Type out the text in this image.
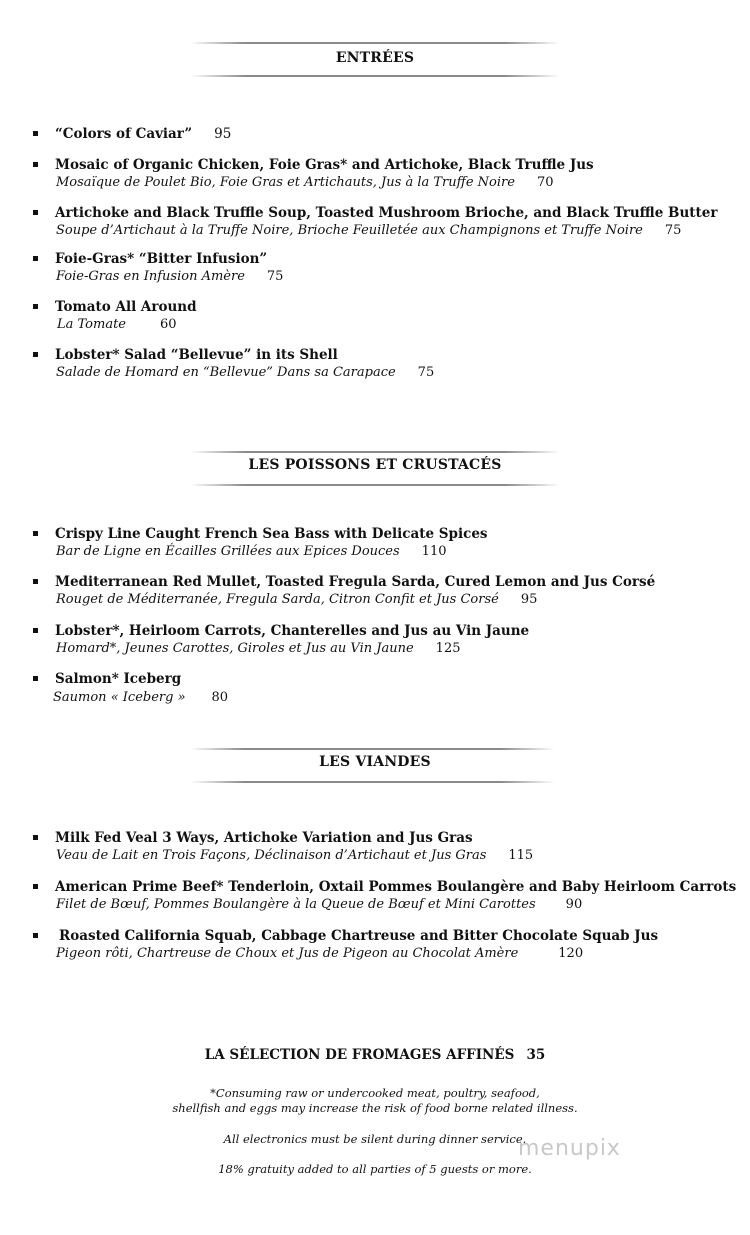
ENTRÉES
“Colors of Caviar” 95
Mosaic of Organic Chicken, Foie Gras* and Artichoke, Black Truffle Jus
Mosaïque de Poulet Bio, Foie Gras et Artichauts, Jus à la Truffe Noire 70
Artichoke and Black Truffle Soup, Toasted Mushroom Brioche, and Black Truffle Butter
Soupe d’Artichaut à la Truffe Noire, Brioche Feuilletée aux Champignons et Truffe Noire 75
Foie-Gras* “Bitter Infusion”
Foie-Gras en Infusion Amère 75
Tomato All Around
La Tomate	60
Lobster* Salad “Bellevue” in its Shell
Salade de Homard en “Bellevue” Dans sa Carapace 75
LES POISSONS ET CRUSTACÉS
Crispy Line Caught French Sea Bass with Delicate Spices
Bar de Ligne en Écailles Grillées aux Epices Douces 110
Mediterranean Red Mullet, Toasted Fregula Sarda, Cured Lemon and Jus Corsé
Rouget de Méditerranée, Fregula Sarda, Citron Confit et Jus Corsé 95
Lobster*, Heirloom Carrots, Chanterelles and Jus au Vin Jaune
Homard*, Jeunes Carottes, Giroles et Jus au Vin Jaune 125
Salmon* Iceberg
Saumon « Iceberg » 80
LES VIANDES
Milk Fed Veal 3 Ways, Artichoke Variation and Jus Gras
Veau de Lait en Trois Façons, Déclinaison d’Artichaut et Jus Gras 115
American Prime Beef* Tenderloin, Oxtail Pommes Boulangère and Baby Heirloom Carrots
Filet de Bœuf, Pommes Boulangère à la Queue de Bœuf et Mini Carottes 90
Roasted California Squab, Cabbage Chartreuse and Bitter Chocolate Squab Jus
Pigeon rôti, Chartreuse de Choux et Jus de Pigeon au Chocolat Amère	120
LA SÉLECTION DE FROMAGES AFFINÉS 35
*Consuming raw or undercooked meat, poultry, seafood,
shellfish and eggs may increase the risk of food borne related illness.
All electronics must be silent during dinner service.
18% gratuity added to all parties of 5 guests or more.
menupix
